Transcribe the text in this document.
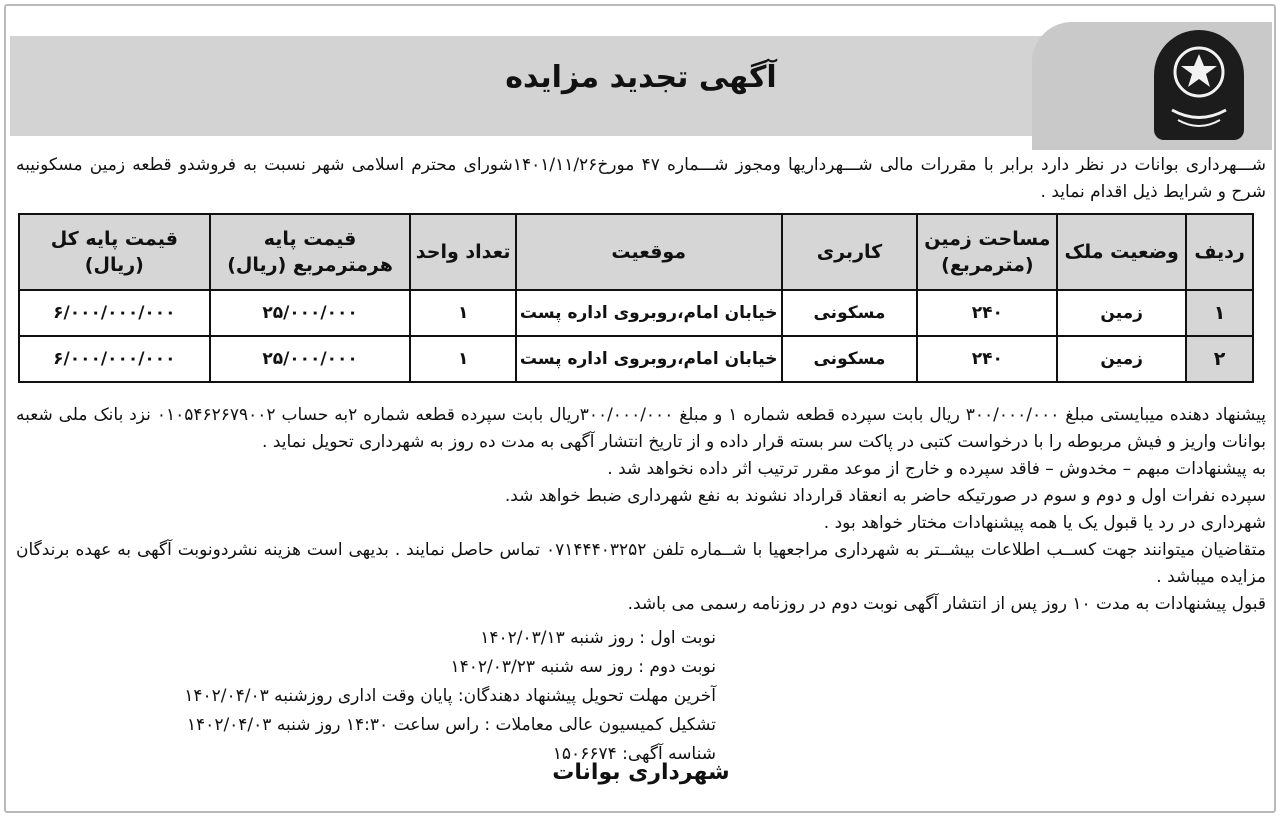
آگهی تجدید مزایده
شـــهرداری بوانات در نظر دارد برابر با مقررات مالی شـــهرداریها ومجوز شـــماره ۴۷ مورخ۱۴۰۱/۱۱/۲۶شورای محترم اسلامی شهر نسبت به فروشدو قطعه زمین مسکونیبه شرح و شرایط ذیل اقدام نماید .
ردیف	وضعیت ملک	مساحت زمین (مترمربع)	کاربری	موقعیت	تعداد واحد	قیمت پایه هرمترمربع (ریال)	قیمت پایه کل (ریال)
۱	زمین	۲۴۰	مسکونی	خیابان امام،روبروی اداره پست	۱	۲۵/۰۰۰/۰۰۰	۶/۰۰۰/۰۰۰/۰۰۰
۲	زمین	۲۴۰	مسکونی	خیابان امام،روبروی اداره پست	۱	۲۵/۰۰۰/۰۰۰	۶/۰۰۰/۰۰۰/۰۰۰

پیشنهاد دهنده میبایستی مبلغ ۳۰۰/۰۰۰/۰۰۰ ریال بابت سپرده قطعه شماره ۱ و مبلغ ۳۰۰/۰۰۰/۰۰۰ریال بابت سپرده قطعه شماره ۲به حساب ۰۱۰۵۴۶۲۶۷۹۰۰۲ نزد بانک ملی شعبه بوانات واریز و فیش مربوطه را با درخواست کتبی در پاکت سر بسته قرار داده و از تاریخ انتشار آگهی به مدت ده روز به شهرداری تحویل نماید .

به پیشنهادات مبهم – مخدوش – فاقد سپرده و خارج از موعد مقرر ترتیب اثر داده نخواهد شد .

سپرده نفرات اول و دوم و سوم در صورتیکه حاضر به انعقاد قرارداد نشوند به نفع شهرداری ضبط خواهد شد.

شهرداری در رد یا قبول یک یا همه پیشنهادات مختار خواهد بود .

متقاضیان میتوانند جهت کســب اطلاعات بیشــتر به شهرداری مراجعهیا با شــماره تلفن ۰۷۱۴۴۴۰۳۲۵۲ تماس حاصل نمایند . بدیهی است هزینه نشردونوبت آگهی به عهده برندگان مزایده میباشد .

قبول پیشنهادات به مدت ۱۰ روز پس از انتشار آگهی نوبت دوم در روزنامه رسمی می باشد.

نوبت اول : روز شنبه ۱۴۰۲/۰۳/۱۳
نوبت دوم : روز سه شنبه ۱۴۰۲/۰۳/۲۳
آخرین مهلت تحویل پیشنهاد دهندگان: پایان وقت اداری روزشنبه ۱۴۰۲/۰۴/۰۳
تشکیل کمیسیون عالی معاملات : راس ساعت ۱۴:۳۰ روز شنبه ۱۴۰۲/۰۴/۰۳
شناسه آگهی: ۱۵۰۶۶۷۴
شهرداری بوانات
